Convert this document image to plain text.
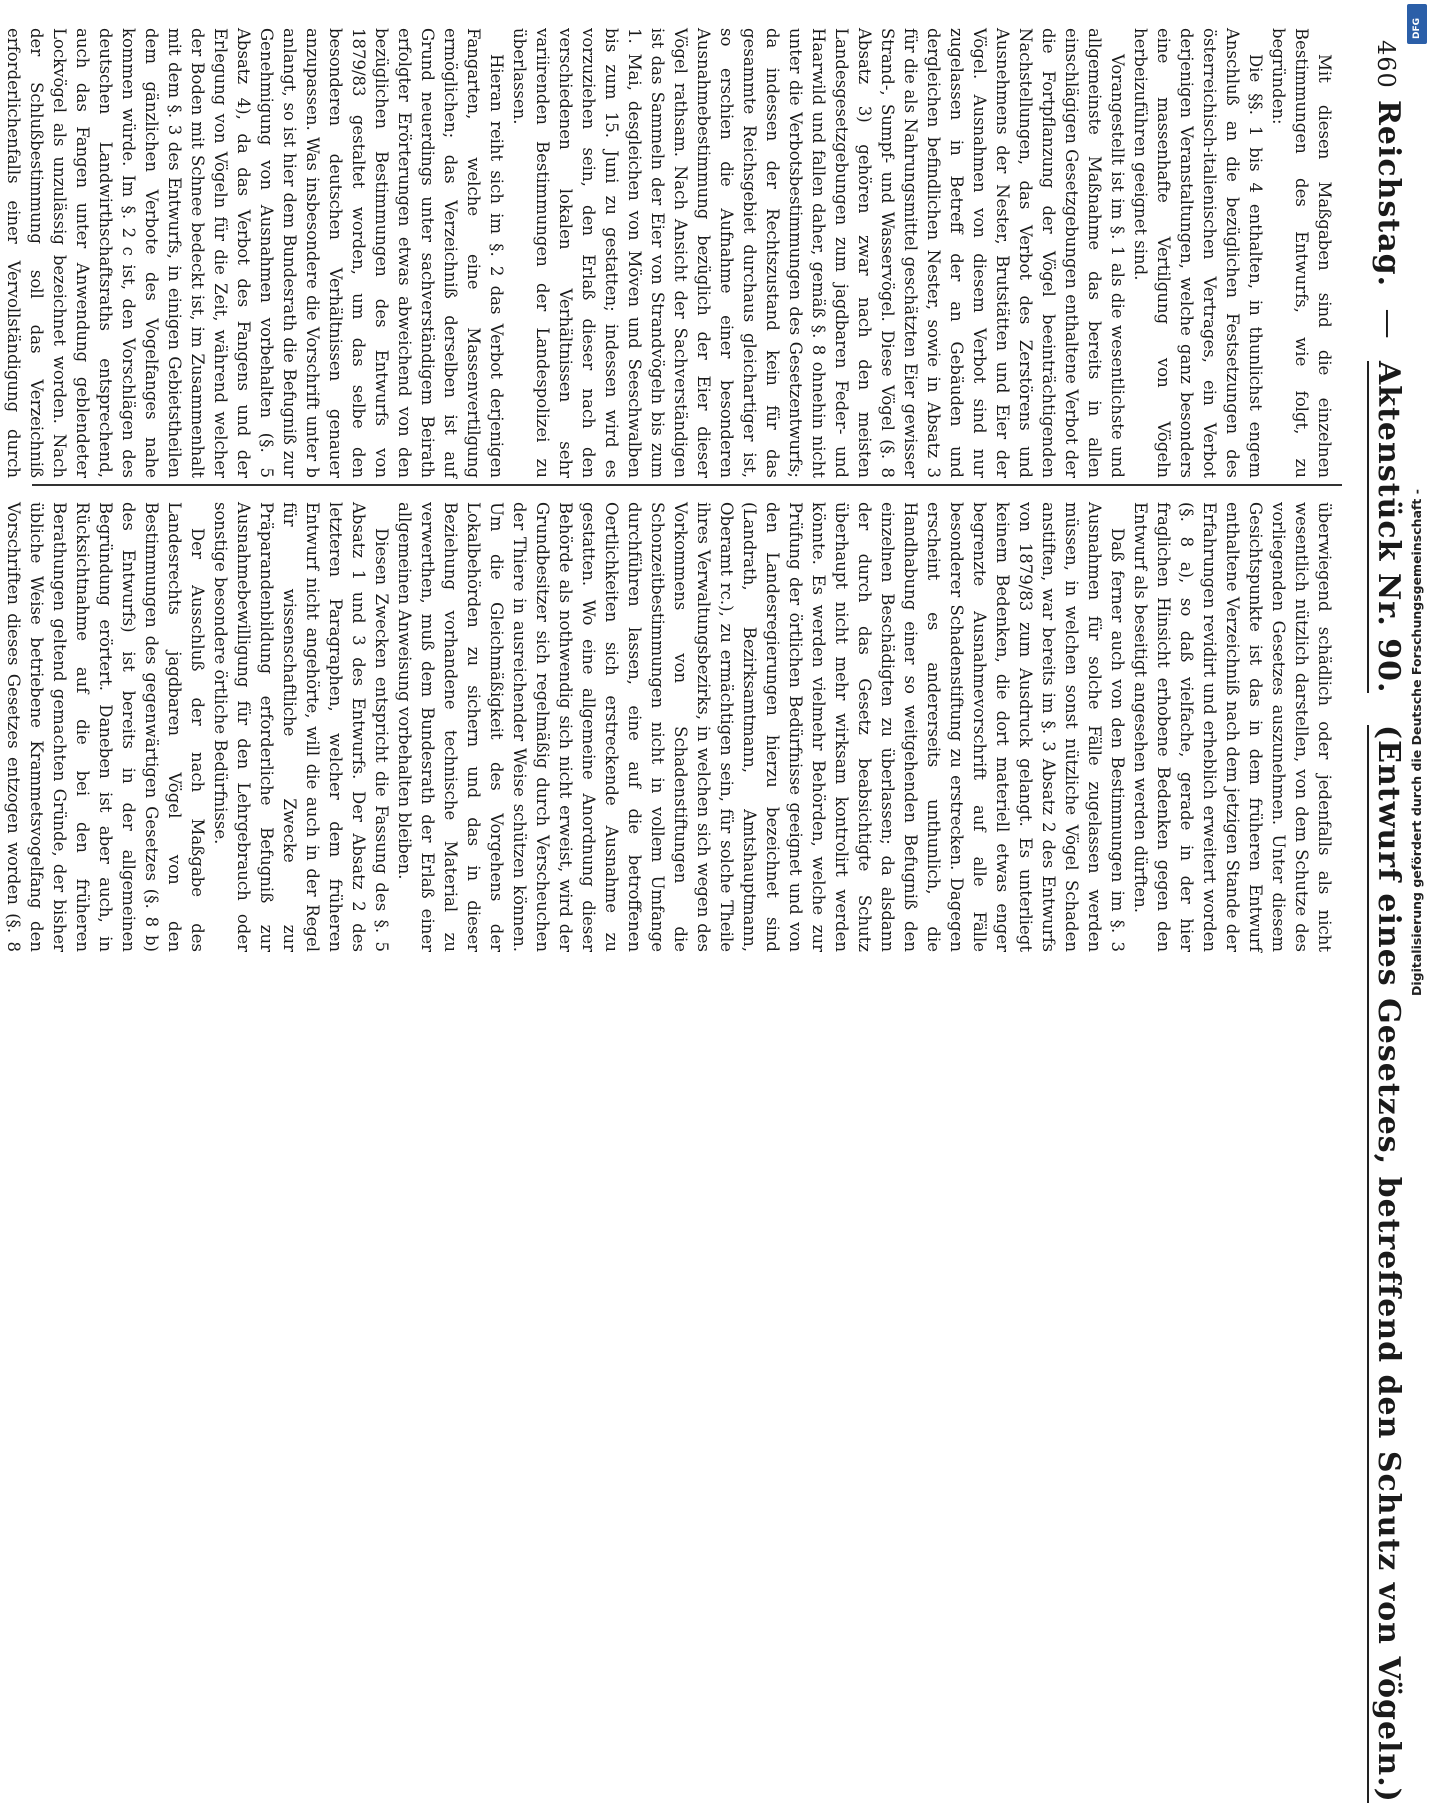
460
Reichstag. — Aktenstück Nr. 90. (Entwurf eines Gesetzes, betreffend den Schutz von Vögeln.)

Mit diesen Maßgaben sind die einzelnen Bestimmungen des Entwurfs, wie folgt, zu begründen:

Die §§. 1 bis 4 enthalten, in thunlichst engem Anschluß an die bezüglichen Festsetzungen des österreichisch-italienischen Vertrages, ein Verbot derjenigen Veranstaltungen, welche ganz besonders eine massenhafte Vertilgung von Vögeln herbeizuführen geeignet sind.

Vorangestellt ist im §. 1 als die wesentlichste und allgemeinste Maßnahme das bereits in allen einschlägigen Gesetzgebungen enthaltene Verbot der die Fortpflanzung der Vögel beeinträchtigenden Nachstellungen, das Verbot des Zerstörens und Ausnehmens der Nester, Brutstätten und Eier der Vögel. Ausnahmen von diesem Verbot sind nur zugelassen in Betreff der an Gebäuden und dergleichen befindlichen Nester, sowie in Absatz 3 für die als Nahrungsmittel geschätzten Eier gewisser Strand-, Sumpf- und Wasservögel. Diese Vögel (§. 8 Absatz 3) gehören zwar nach den meisten Landesgesetzgebungen zum jagdbaren Feder- und Haarwild und fallen daher, gemäß §. 8 ohnehin nicht unter die Verbotsbestimmungen des Gesetzentwurfs; da indessen der Rechtszustand kein für das gesammte Reichsgebiet durchaus gleichartiger ist, so erschien die Aufnahme einer besonderen Ausnahmebestimmung bezüglich der Eier dieser Vögel rathsam. Nach Ansicht der Sachverständigen ist das Sammeln der Eier von Strandvögeln bis zum 1. Mai, desgleichen von Möven und Seeschwalben bis zum 15. Juni zu gestatten; indessen wird es vorzuziehen sein, den Erlaß dieser nach den verschiedenen lokalen Verhältnissen sehr variirenden Bestimmungen der Landespolizei zu überlassen.

Hieran reiht sich im §. 2 das Verbot derjenigen Fangarten, welche eine Massenvertilgung ermöglichen; das Verzeichniß derselben ist auf Grund neuerdings unter sachverständigem Beirath erfolgter Erörterungen etwas abweichend von den bezüglichen Bestimmungen des Entwurfs von 1879/83 gestaltet worden, um das selbe den besonderen deutschen Verhältnissen genauer anzupassen. Was insbesondere die Vorschrift unter b anlangt, so ist hier dem Bundesrath die Befugniß zur Genehmigung von Ausnahmen vorbehalten (§. 5 Absatz 4), da das Verbot des Fangens und der Erlegung von Vögeln für die Zeit, während welcher der Boden mit Schnee bedeckt ist, im Zusammenhalt mit dem §. 3 des Entwurfs, in einigen Gebietstheilen dem gänzlichen Verbote des Vogelfanges nahe kommen würde. Im §. 2 c ist, den Vorschlägen des deutschen Landwirthschaftsraths entsprechend, auch das Fangen unter Anwendung geblendeter Lockvögel als unzulässig bezeichnet worden. Nach der Schlußbestimmung soll das Verzeichniß erforderlichenfalls einer Vervollständigung durch

überwiegend schädlich oder jedenfalls als nicht wesentlich nützlich darstellen, von dem Schutze des vorliegenden Gesetzes auszunehmen. Unter diesem Gesichtspunkte ist das in dem früheren Entwurf enthaltene Verzeichniß nach dem jetzigen Stande der Erfahrungen revidirt und erheblich erweitert worden (§. 8 a), so daß vielfache, gerade in der hier fraglichen Hinsicht erhobene Bedenken gegen den Entwurf als beseitigt angesehen werden dürften.

Daß ferner auch von den Bestimmungen im §. 3 Ausnahmen für solche Fälle zugelassen werden müssen, in welchen sonst nützliche Vögel Schaden anstiften, war bereits im §. 3 Absatz 2 des Entwurfs von 1879/83 zum Ausdruck gelangt. Es unterliegt keinem Bedenken, die dort materiell etwas enger begrenzte Ausnahmevorschrift auf alle Fälle besonderer Schadenstiftung zu erstrecken. Dagegen erscheint es andererseits unthunlich, die Handhabung einer so weitgehenden Befugniß den einzelnen Beschädigten zu überlassen; da alsdann der durch das Gesetz beabsichtigte Schutz überhaupt nicht mehr wirksam kontrolirt werden könnte. Es werden vielmehr Behörden, welche zur Prüfung der örtlichen Bedürfnisse geeignet und von den Landesregierungen hierzu bezeichnet sind (Landrath, Bezirksamtmann, Amtshauptmann, Oberamt rc.), zu ermächtigen sein, für solche Theile ihres Verwaltungsbezirks, in welchen sich wegen des Vorkommens von Schadenstiftungen die Schonzeitbestimmungen nicht in vollem Umfange durchführen lassen, eine auf die betroffenen Oertlichkeiten sich erstreckende Ausnahme zu gestatten. Wo eine allgemeine Anordnung dieser Behörde als nothwendig sich nicht erweist, wird der Grundbesitzer sich regelmäßig durch Verscheuchen der Thiere in ausreichender Weise schützen können. Um die Gleichmäßigkeit des Vorgehens der Lokalbehörden zu sichern und das in dieser Beziehung vorhandene technische Material zu verwerthen, muß dem Bundesrath der Erlaß einer allgemeinen Anweisung vorbehalten bleiben.

Diesen Zwecken entspricht die Fassung des §. 5 Absatz 1 und 3 des Entwurfs. Der Absatz 2 des letzteren Paragraphen, welcher dem früheren Entwurf nicht angehörte, will die auch in der Regel für wissenschaftliche Zwecke zur Präparandenbildung erforderliche Befugniß zur Ausnahmebewilligung für den Lehrgebrauch oder sonstige besondere örtliche Bedürfnisse.

Der Ausschluß der nach Maßgabe des Landesrechts jagdbaren Vögel von den Bestimmungen des gegenwärtigen Gesetzes (§. 8 b) des Entwurfs) ist bereits in der allgemeinen Begründung erörtert. Daneben ist aber auch, in Rücksichtnahme auf die bei den früheren Berathungen geltend gemachten Gründe, der bisher übliche Weise betriebene Krammetsvogelfang den Vorschriften dieses Gesetzes entzogen worden (§. 8

DFG
Digitalisierung gefördert durch die Deutsche Forschungsgemeinschaft -
